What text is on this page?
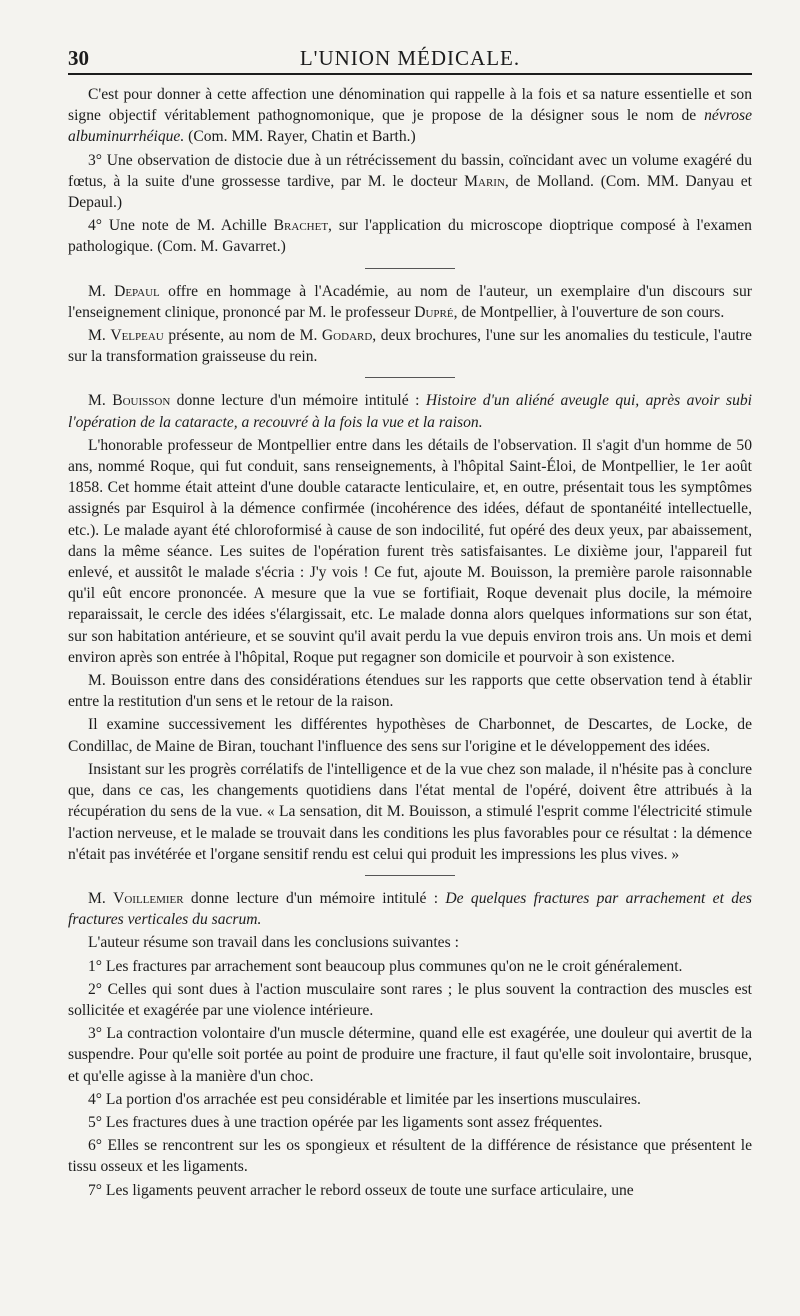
30	L'UNION MÉDICALE.

C'est pour donner à cette affection une dénomination qui rappelle à la fois et sa nature essentielle et son signe objectif véritablement pathognomonique, que je propose de la désigner sous le nom de névrose albuminurrhéique. (Com. MM. Rayer, Chatin et Barth.)

3° Une observation de distocie due à un rétrécissement du bassin, coïncidant avec un volume exagéré du fœtus, à la suite d'une grossesse tardive, par M. le docteur Marin, de Molland. (Com. MM. Danyau et Depaul.)

4° Une note de M. Achille Brachet, sur l'application du microscope dioptrique composé à l'examen pathologique. (Com. M. Gavarret.)

M. Depaul offre en hommage à l'Académie, au nom de l'auteur, un exemplaire d'un discours sur l'enseignement clinique, prononcé par M. le professeur Dupré, de Montpellier, à l'ouverture de son cours.

M. Velpeau présente, au nom de M. Godard, deux brochures, l'une sur les anomalies du testicule, l'autre sur la transformation graisseuse du rein.

M. Bouisson donne lecture d'un mémoire intitulé : Histoire d'un aliéné aveugle qui, après avoir subi l'opération de la cataracte, a recouvré à la fois la vue et la raison.

L'honorable professeur de Montpellier entre dans les détails de l'observation. Il s'agit d'un homme de 50 ans, nommé Roque, qui fut conduit, sans renseignements, à l'hôpital Saint-Éloi, de Montpellier, le 1er août 1858. Cet homme était atteint d'une double cataracte lenticulaire, et, en outre, présentait tous les symptômes assignés par Esquirol à la démence confirmée (incohérence des idées, défaut de spontanéité intellectuelle, etc.). Le malade ayant été chloroformisé à cause de son indocilité, fut opéré des deux yeux, par abaissement, dans la même séance. Les suites de l'opération furent très satisfaisantes. Le dixième jour, l'appareil fut enlevé, et aussitôt le malade s'écria : J'y vois ! Ce fut, ajoute M. Bouisson, la première parole raisonnable qu'il eût encore prononcée. A mesure que la vue se fortifiait, Roque devenait plus docile, la mémoire reparaissait, le cercle des idées s'élargissait, etc. Le malade donna alors quelques informations sur son état, sur son habitation antérieure, et se souvint qu'il avait perdu la vue depuis environ trois ans. Un mois et demi environ après son entrée à l'hôpital, Roque put regagner son domicile et pourvoir à son existence.

M. Bouisson entre dans des considérations étendues sur les rapports que cette observation tend à établir entre la restitution d'un sens et le retour de la raison.

Il examine successivement les différentes hypothèses de Charbonnet, de Descartes, de Locke, de Condillac, de Maine de Biran, touchant l'influence des sens sur l'origine et le développement des idées.

Insistant sur les progrès corrélatifs de l'intelligence et de la vue chez son malade, il n'hésite pas à conclure que, dans ce cas, les changements quotidiens dans l'état mental de l'opéré, doivent être attribués à la récupération du sens de la vue. « La sensation, dit M. Bouisson, a stimulé l'esprit comme l'électricité stimule l'action nerveuse, et le malade se trouvait dans les conditions les plus favorables pour ce résultat : la démence n'était pas invétérée et l'organe sensitif rendu est celui qui produit les impressions les plus vives. »

M. Voillemier donne lecture d'un mémoire intitulé : De quelques fractures par arrachement et des fractures verticales du sacrum.

L'auteur résume son travail dans les conclusions suivantes :

1° Les fractures par arrachement sont beaucoup plus communes qu'on ne le croit généralement.

2° Celles qui sont dues à l'action musculaire sont rares ; le plus souvent la contraction des muscles est sollicitée et exagérée par une violence intérieure.

3° La contraction volontaire d'un muscle détermine, quand elle est exagérée, une douleur qui avertit de la suspendre. Pour qu'elle soit portée au point de produire une fracture, il faut qu'elle soit involontaire, brusque, et qu'elle agisse à la manière d'un choc.

4° La portion d'os arrachée est peu considérable et limitée par les insertions musculaires.

5° Les fractures dues à une traction opérée par les ligaments sont assez fréquentes.

6° Elles se rencontrent sur les os spongieux et résultent de la différence de résistance que présentent le tissu osseux et les ligaments.

7° Les ligaments peuvent arracher le rebord osseux de toute une surface articulaire, une
